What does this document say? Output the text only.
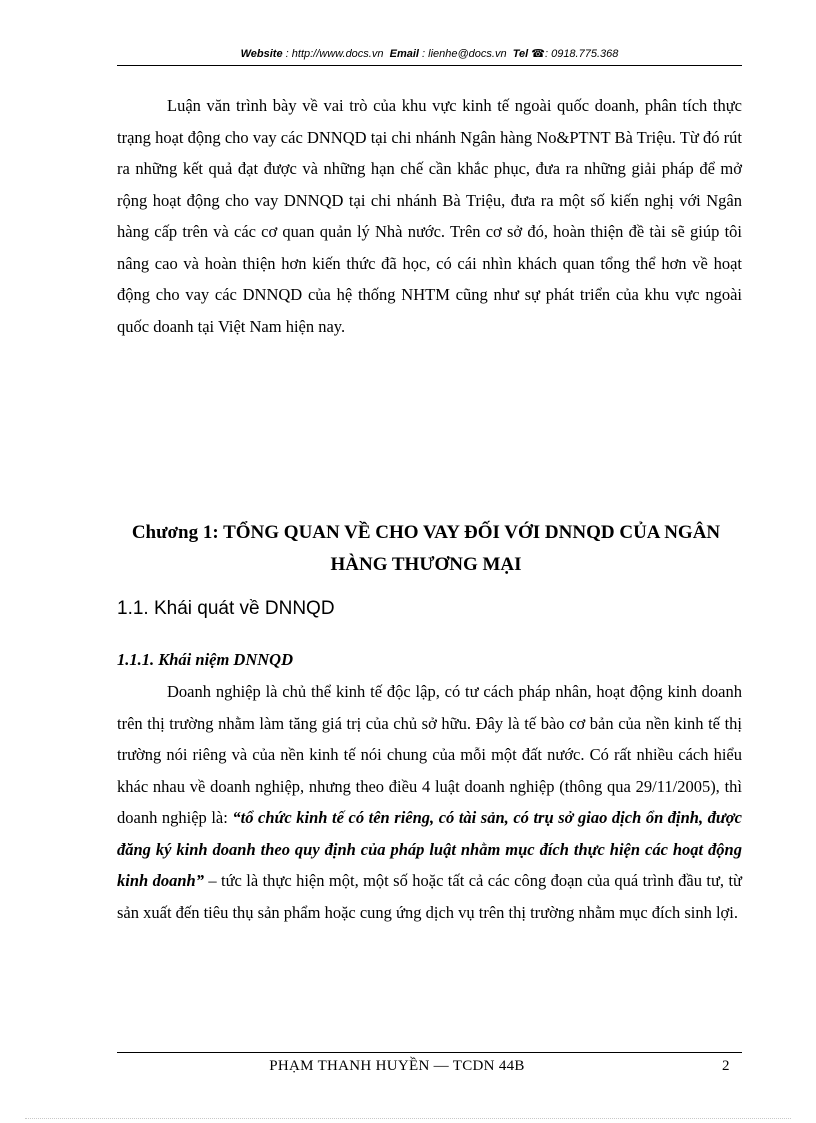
Website : http://www.docs.vn Email : lienhe@docs.vn Tel ☎: 0918.775.368

Luận văn trình bày về vai trò của khu vực kinh tế ngoài quốc doanh, phân tích thực trạng hoạt động cho vay các DNNQD tại chi nhánh Ngân hàng No&PTNT Bà Triệu. Từ đó rút ra những kết quả đạt được và những hạn chế cần khắc phục, đưa ra những giải pháp để mở rộng hoạt động cho vay DNNQD tại chi nhánh Bà Triệu, đưa ra một số kiến nghị với Ngân hàng cấp trên và các cơ quan quản lý Nhà nước. Trên cơ sở đó, hoàn thiện đề tài sẽ giúp tôi nâng cao và hoàn thiện hơn kiến thức đã học, có cái nhìn khách quan tổng thể hơn về hoạt động cho vay các DNNQD của hệ thống NHTM cũng như sự phát triển của khu vực ngoài quốc doanh tại Việt Nam hiện nay.

Chương 1: TỔNG QUAN VỀ CHO VAY ĐỐI VỚI DNNQD CỦA NGÂN HÀNG THƯƠNG MẠI
1.1. Khái quát về DNNQD
1.1.1. Khái niệm DNNQD

Doanh nghiệp là chủ thể kinh tế độc lập, có tư cách pháp nhân, hoạt động kinh doanh trên thị trường nhằm làm tăng giá trị của chủ sở hữu. Đây là tế bào cơ bản của nền kinh tế thị trường nói riêng và của nền kinh tế nói chung của mỗi một đất nước. Có rất nhiều cách hiểu khác nhau về doanh nghiệp, nhưng theo điều 4 luật doanh nghiệp (thông qua 29/11/2005), thì doanh nghiệp là: “tổ chức kinh tế có tên riêng, có tài sản, có trụ sở giao dịch ổn định, được đăng ký kinh doanh theo quy định của pháp luật nhằm mục đích thực hiện các hoạt động kinh doanh” – tức là thực hiện một, một số hoặc tất cả các công đoạn của quá trình đầu tư, từ sản xuất đến tiêu thụ sản phẩm hoặc cung ứng dịch vụ trên thị trường nhằm mục đích sinh lợi.

PHẠM THANH HUYỀN — TCDN 44B	2
